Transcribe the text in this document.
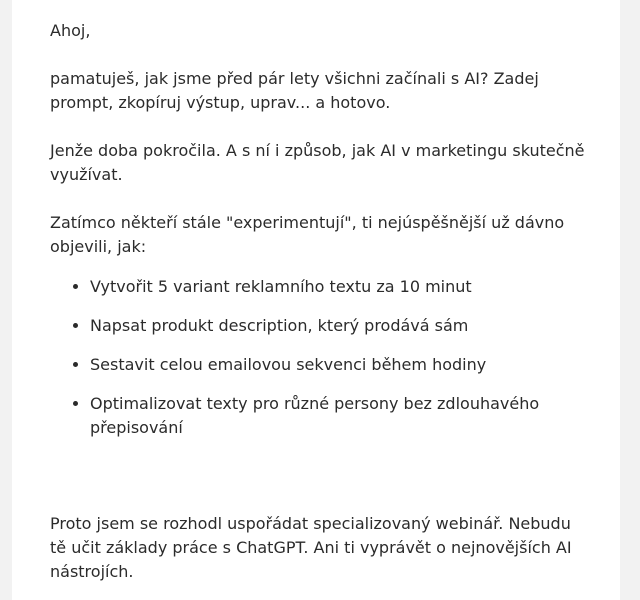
Ahoj,

pamatuješ, jak jsme před pár lety všichni začínali s AI? Zadej prompt, zkopíruj výstup, uprav... a hotovo.

Jenže doba pokročila. A s ní i způsob, jak AI v marketingu skutečně využívat.

Zatímco někteří stále "experimentují", ti nejúspěšnější už dávno objevili, jak:

• Vytvořit 5 variant reklamního textu za 10 minut
• Napsat produkt description, který prodává sám
• Sestavit celou emailovou sekvenci během hodiny
• Optimalizovat texty pro různé persony bez zdlouhavého přepisování

Proto jsem se rozhodl uspořádat specializovaný webinář. Nebudu tě učit základy práce s ChatGPT. Ani ti vyprávět o nejnovějších AI nástrojích.
